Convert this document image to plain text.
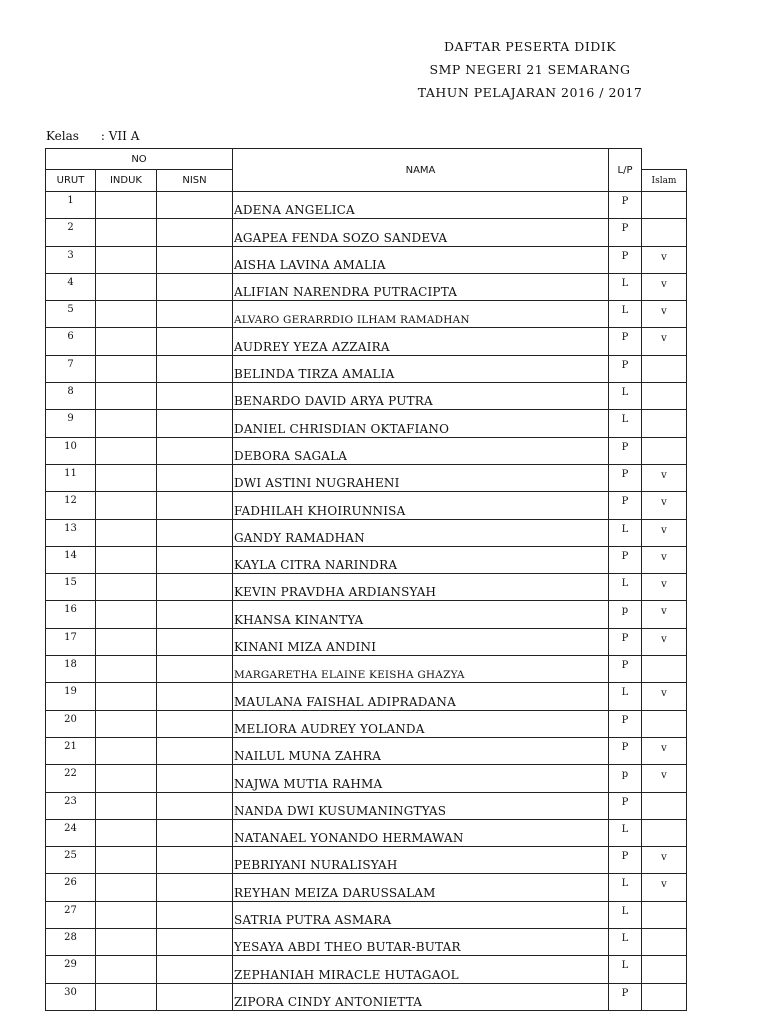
DAFTAR PESERTA DIDIK
SMP NEGERI 21 SEMARANG
TAHUN PELAJARAN 2016 / 2017
Kelas : VII A
NO			NAMA	L/P	
URUT	INDUK	NISN			Islam
1			ADENA ANGELICA	P	
2			AGAPEA FENDA SOZO SANDEVA	P	
3			AISHA LAVINA AMALIA	P	v
4			ALIFIAN NARENDRA PUTRACIPTA	L	v
5			ALVARO GERARRDIO ILHAM RAMADHAN	L	v
6			AUDREY YEZA AZZAIRA	P	v
7			BELINDA TIRZA AMALIA	P	
8			BENARDO DAVID ARYA PUTRA	L	
9			DANIEL CHRISDIAN OKTAFIANO	L	
10			DEBORA SAGALA	P	
11			DWI ASTINI NUGRAHENI	P	v
12			FADHILAH KHOIRUNNISA	P	v
13			GANDY RAMADHAN	L	v
14			KAYLA CITRA NARINDRA	P	v
15			KEVIN PRAVDHA ARDIANSYAH	L	v
16			KHANSA KINANTYA	p	v
17			KINANI MIZA ANDINI	P	v
18			MARGARETHA ELAINE KEISHA GHAZYA	P	
19			MAULANA FAISHAL ADIPRADANA	L	v
20			MELIORA AUDREY YOLANDA	P	
21			NAILUL MUNA ZAHRA	P	v
22			NAJWA MUTIA RAHMA	p	v
23			NANDA DWI KUSUMANINGTYAS	P	
24			NATANAEL YONANDO HERMAWAN	L	
25			PEBRIYANI NURALISYAH	P	v
26			REYHAN MEIZA DARUSSALAM	L	v
27			SATRIA PUTRA ASMARA	L	
28			YESAYA ABDI THEO BUTAR-BUTAR	L	
29			ZEPHANIAH MIRACLE HUTAGAOL	L	
30			ZIPORA CINDY ANTONIETTA	P	
